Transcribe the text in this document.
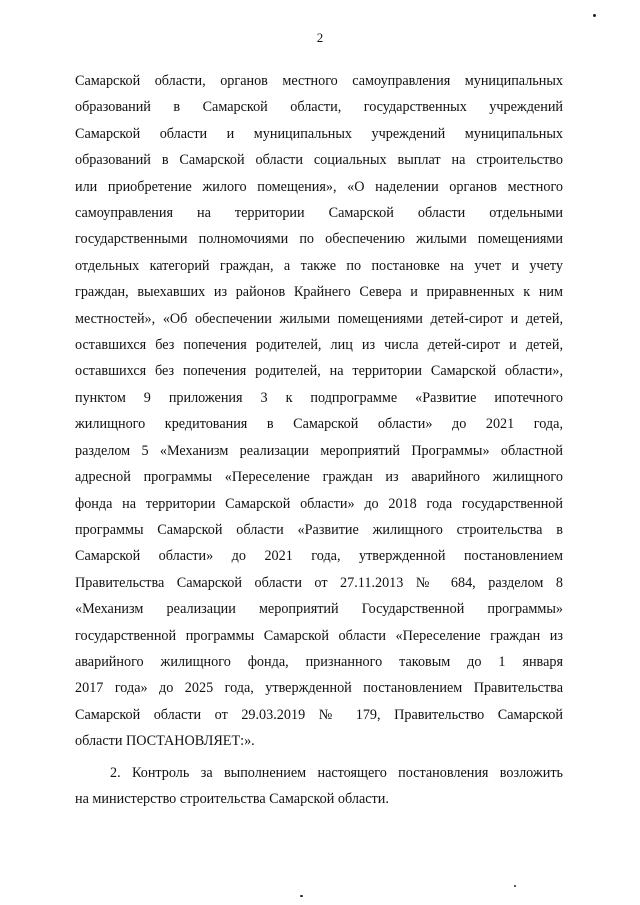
2
Самарской области, органов местного самоуправления муниципальных
образований в Самарской области, государственных учреждений
Самарской области и муниципальных учреждений муниципальных
образований в Самарской области социальных выплат на строительство
или приобретение жилого помещения», «О наделении органов местного
самоуправления на территории Самарской области отдельными
государственными полномочиями по обеспечению жилыми помещениями
отдельных категорий граждан, а также по постановке на учет и учету
граждан, выехавших из районов Крайнего Севера и приравненных к ним
местностей», «Об обеспечении жилыми помещениями детей-сирот и детей,
оставшихся без попечения родителей, лиц из числа детей-сирот и детей,
оставшихся без попечения родителей, на территории Самарской области»,
пунктом 9 приложения 3 к подпрограмме «Развитие ипотечного
жилищного кредитования в Самарской области» до 2021 года,
разделом 5 «Механизм реализации мероприятий Программы» областной
адресной программы «Переселение граждан из аварийного жилищного
фонда на территории Самарской области» до 2018 года государственной
программы Самарской области «Развитие жилищного строительства в
Самарской области» до 2021 года, утвержденной постановлением
Правительства Самарской области от 27.11.2013 № 684, разделом 8
«Механизм реализации мероприятий Государственной программы»
государственной программы Самарской области «Переселение граждан из
аварийного жилищного фонда, признанного таковым до 1 января
2017 года» до 2025 года, утвержденной постановлением Правительства
Самарской области от 29.03.2019 № 179, Правительство Самарской
области ПОСТАНОВЛЯЕТ:».
2. Контроль за выполнением настоящего постановления возложить
на министерство строительства Самарской области.
